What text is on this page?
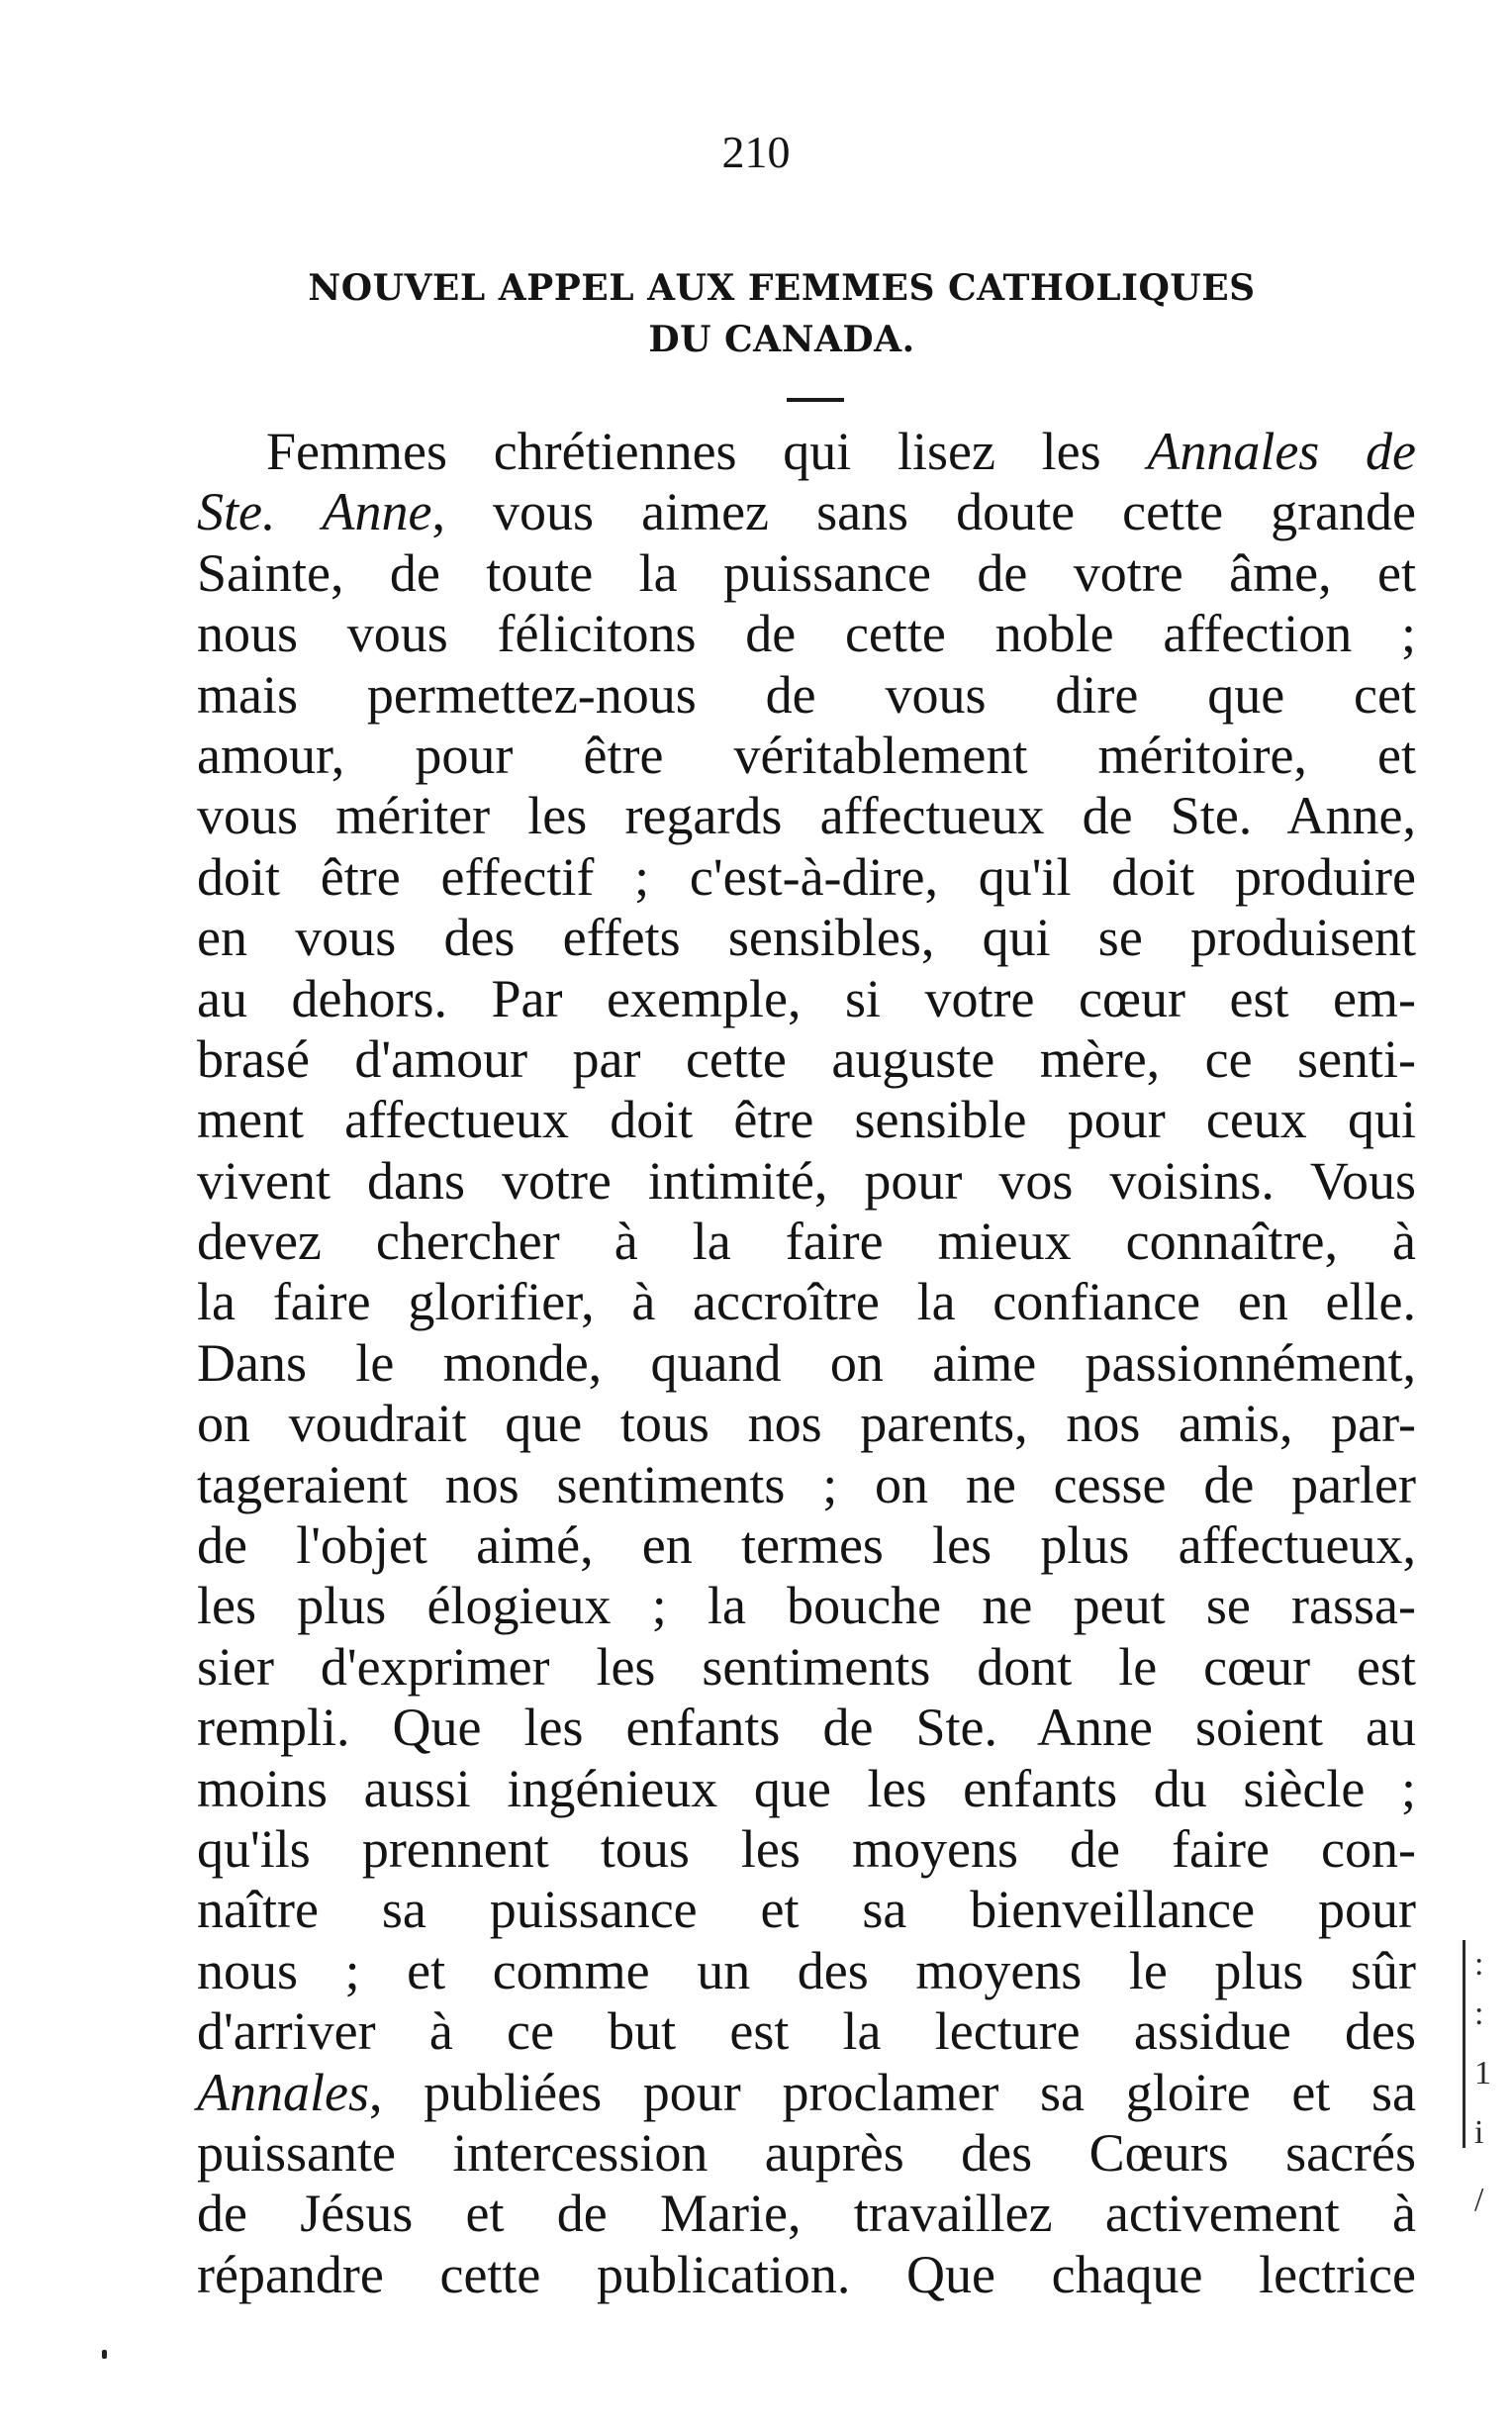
210
NOUVEL APPEL AUX FEMMES CATHOLIQUES
DU CANADA.
Femmes chrétiennes qui lisez les Annales de
Ste. Anne, vous aimez sans doute cette grande
Sainte, de toute la puissance de votre âme, et
nous vous félicitons de cette noble affection ;
mais permettez-nous de vous dire que cet
amour, pour être véritablement méritoire, et
vous mériter les regards affectueux de Ste. Anne,
doit être effectif ; c'est-à-dire, qu'il doit produire
en vous des effets sensibles, qui se produisent
au dehors. Par exemple, si votre cœur est em-
brasé d'amour par cette auguste mère, ce senti-
ment affectueux doit être sensible pour ceux qui
vivent dans votre intimité, pour vos voisins. Vous
devez chercher à la faire mieux connaître, à
la faire glorifier, à accroître la confiance en elle.
Dans le monde, quand on aime passionnément,
on voudrait que tous nos parents, nos amis, par-
tageraient nos sentiments ; on ne cesse de parler
de l'objet aimé, en termes les plus affectueux,
les plus élogieux ; la bouche ne peut se rassa-
sier d'exprimer les sentiments dont le cœur est
rempli. Que les enfants de Ste. Anne soient au
moins aussi ingénieux que les enfants du siècle ;
qu'ils prennent tous les moyens de faire con-
naître sa puissance et sa bienveillance pour
nous ; et comme un des moyens le plus sûr
d'arriver à ce but est la lecture assidue des
Annales, publiées pour proclamer sa gloire et sa
puissante intercession auprès des Cœurs sacrés
de Jésus et de Marie, travaillez activement à
répandre cette publication. Que chaque lectrice
:
:
1
i
/
